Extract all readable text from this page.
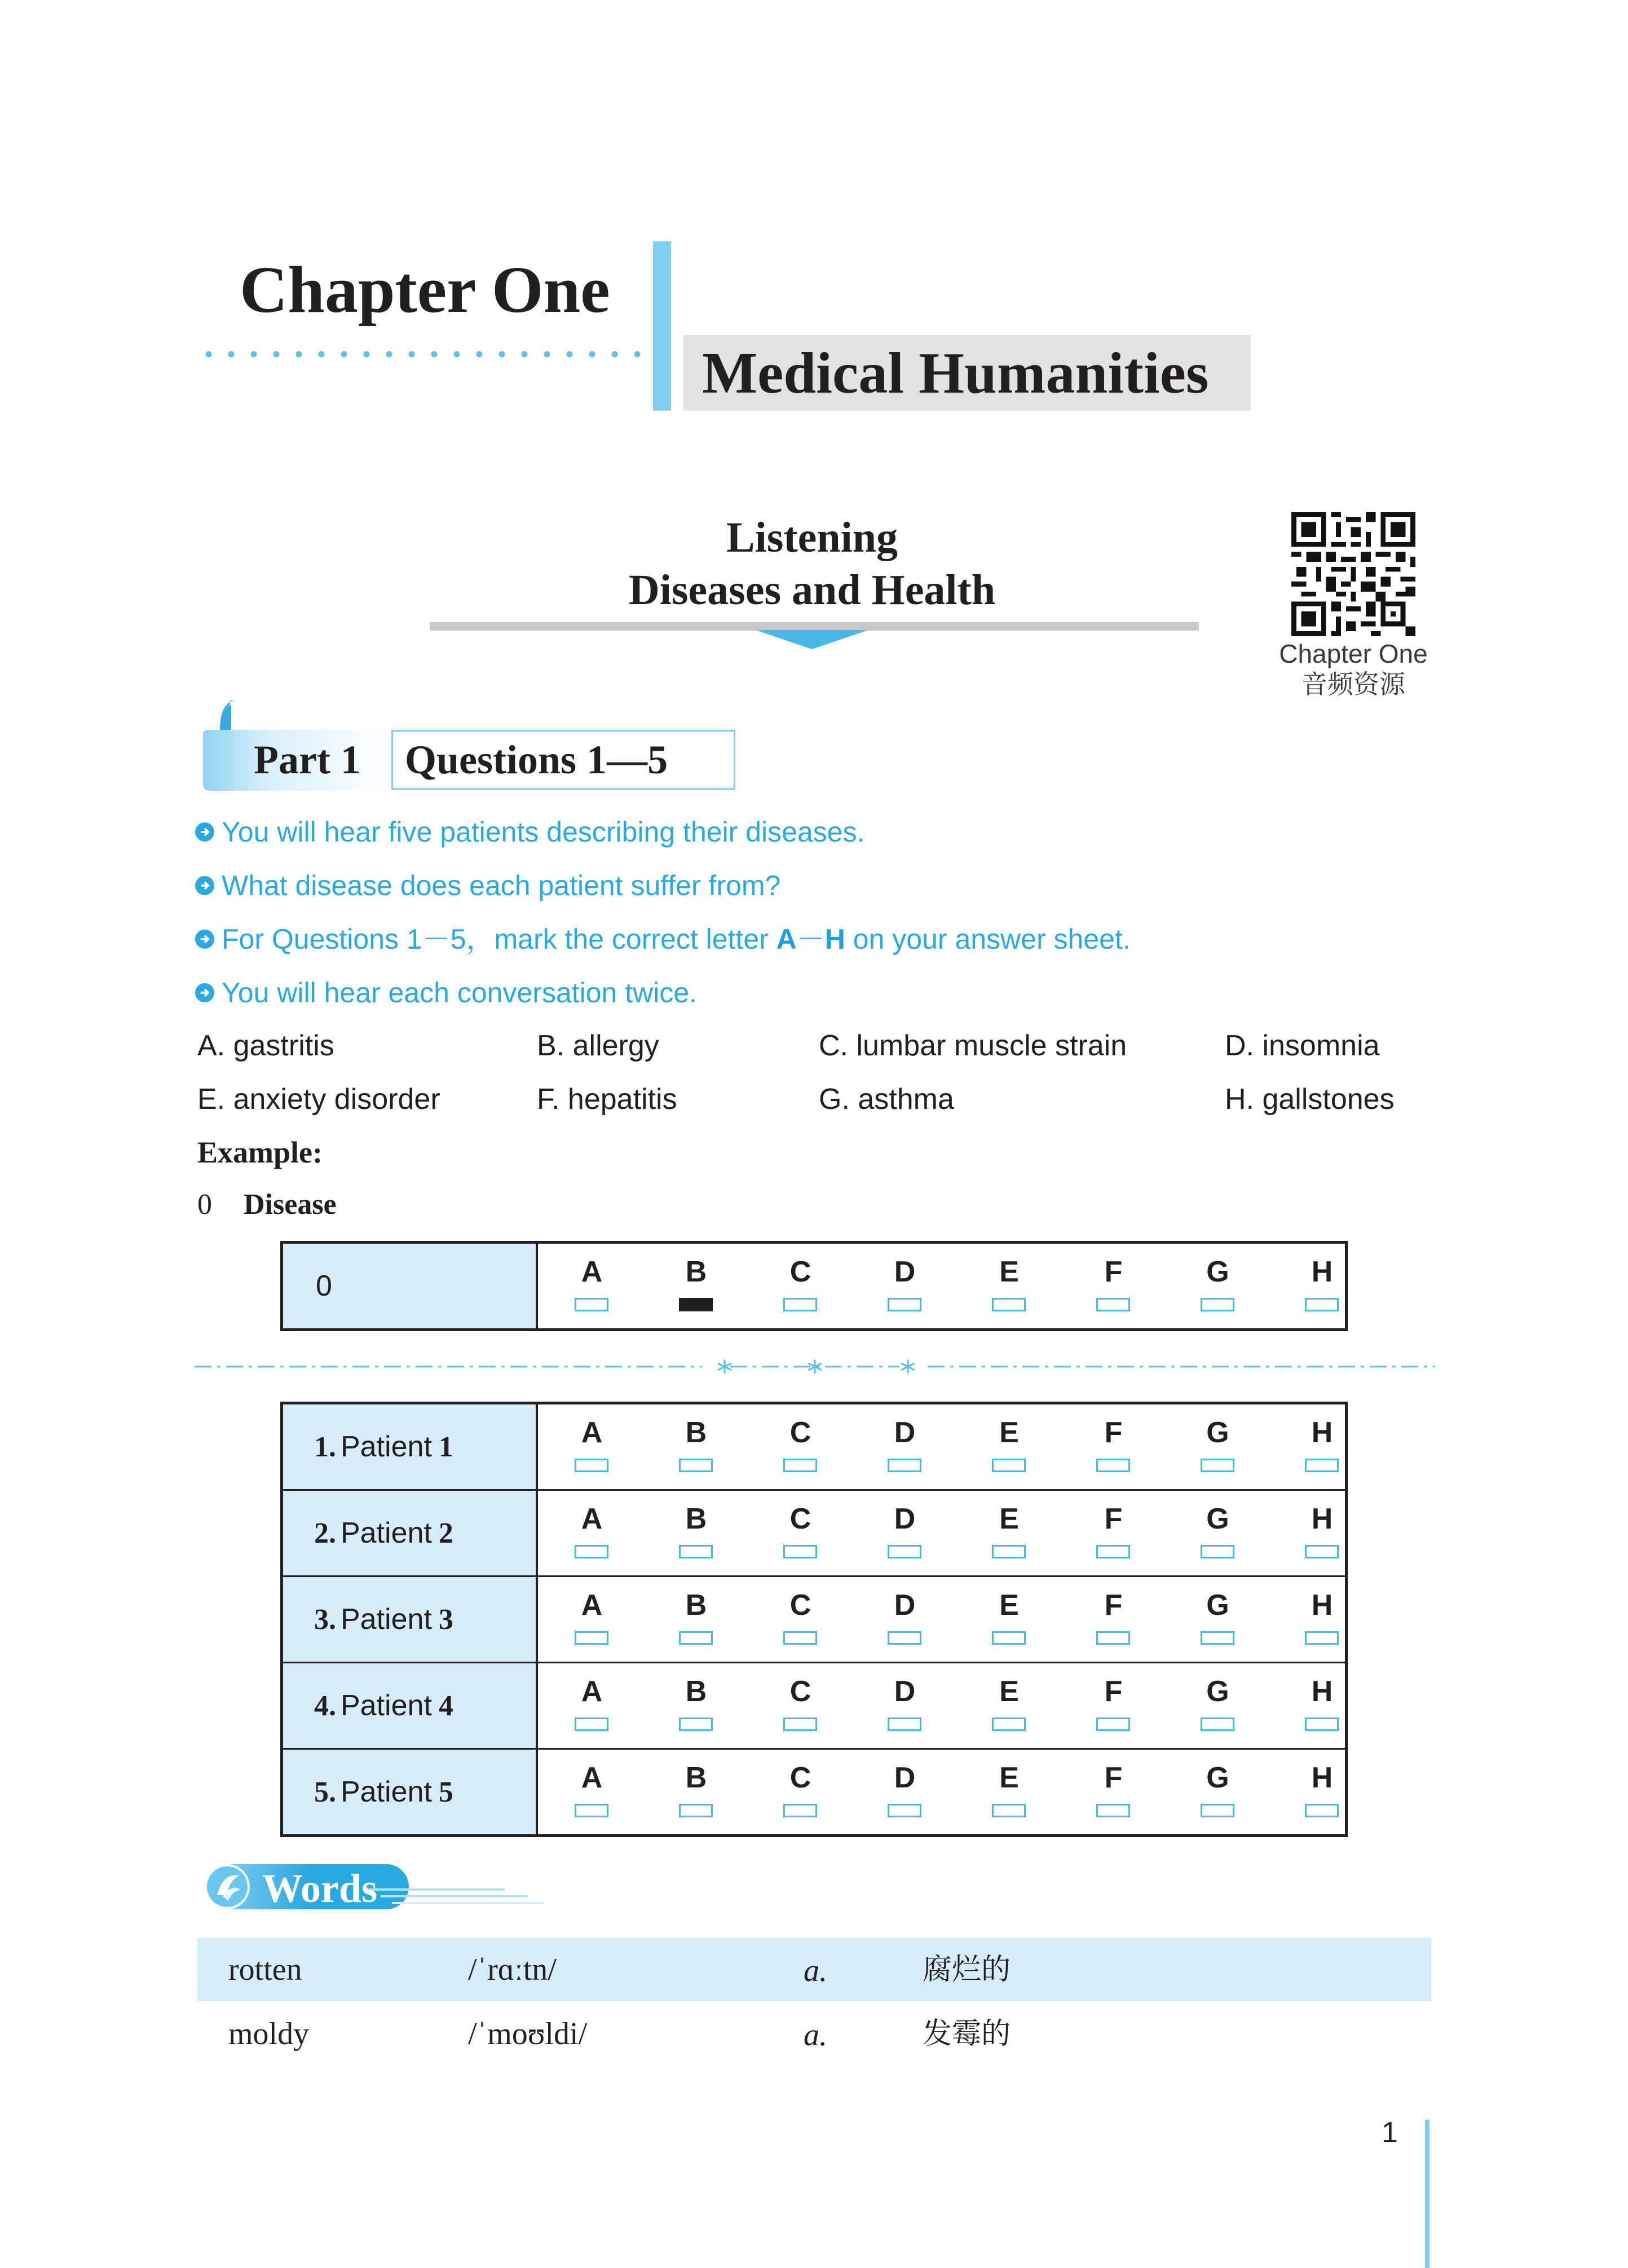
Chapter One
Medical Humanities
Listening
Diseases and Health
Chapter One
音频资源
Part 1 Questions 1—5
You will hear five patients describing their diseases.
What disease does each patient suffer from?
For Questions 1－5，mark the correct letter A－H on your answer sheet.
You will hear each conversation twice.
A. gastritis	B. allergy	C. lumbar muscle strain	D. insomnia
E. anxiety disorder	F. hepatitis	G. asthma	H. gallstones
Example:
0 Disease
0	A	B	C	D	E	F	G	H
1. Patient 1	A	B	C	D	E	F	G	H
2. Patient 2	A	B	C	D	E	F	G	H
3. Patient 3	A	B	C	D	E	F	G	H
4. Patient 4	A	B	C	D	E	F	G	H
5. Patient 5	A	B	C	D	E	F	G	H
Words
rotten	/ˈrɑːtn/	a.	腐烂的
moldy	/ˈmoʊldi/	a.	发霉的
1
